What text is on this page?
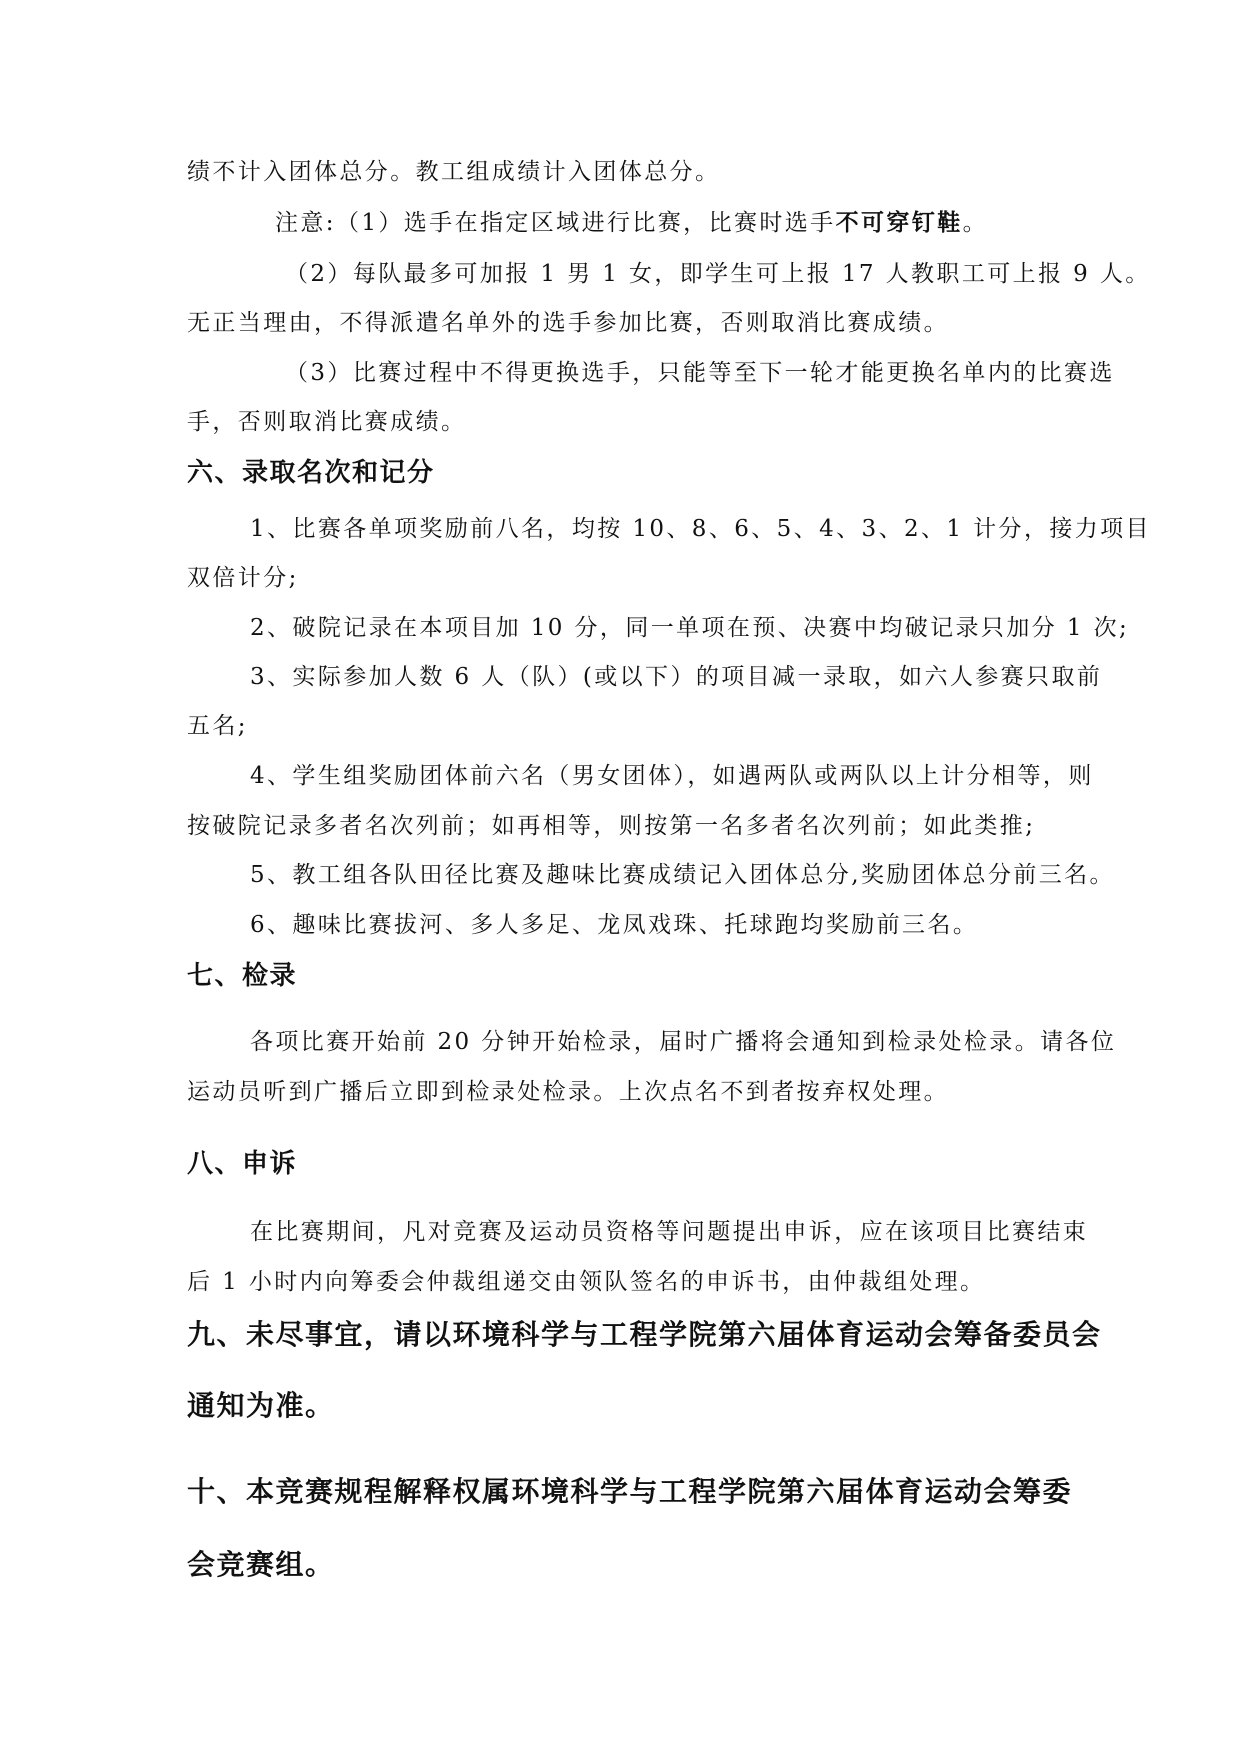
绩不计入团体总分。教工组成绩计入团体总分。
注意:（1）选手在指定区域进行比赛，比赛时选手不可穿钉鞋。
（2）每队最多可加报 1 男 1 女，即学生可上报 17 人教职工可上报 9 人。
无正当理由，不得派遣名单外的选手参加比赛，否则取消比赛成绩。
（3）比赛过程中不得更换选手，只能等至下一轮才能更换名单内的比赛选
手，否则取消比赛成绩。
六、录取名次和记分
1、比赛各单项奖励前八名，均按 10、8、6、5、4、3、2、1 计分，接力项目
双倍计分;
2、破院记录在本项目加 10 分，同一单项在预、决赛中均破记录只加分 1 次;
3、实际参加人数 6 人（队）(或以下）的项目减一录取，如六人参赛只取前
五名;
4、学生组奖励团体前六名（男女团体），如遇两队或两队以上计分相等，则
按破院记录多者名次列前；如再相等，则按第一名多者名次列前；如此类推;
5、教工组各队田径比赛及趣味比赛成绩记入团体总分,奖励团体总分前三名。
6、趣味比赛拔河、多人多足、龙凤戏珠、托球跑均奖励前三名。
七、检录
各项比赛开始前 20 分钟开始检录，届时广播将会通知到检录处检录。请各位
运动员听到广播后立即到检录处检录。上次点名不到者按弃权处理。
八、申诉
在比赛期间，凡对竞赛及运动员资格等问题提出申诉，应在该项目比赛结束
后 1 小时内向筹委会仲裁组递交由领队签名的申诉书，由仲裁组处理。
九、未尽事宜，请以环境科学与工程学院第六届体育运动会筹备委员会
通知为准。
十、本竞赛规程解释权属环境科学与工程学院第六届体育运动会筹委
会竞赛组。
